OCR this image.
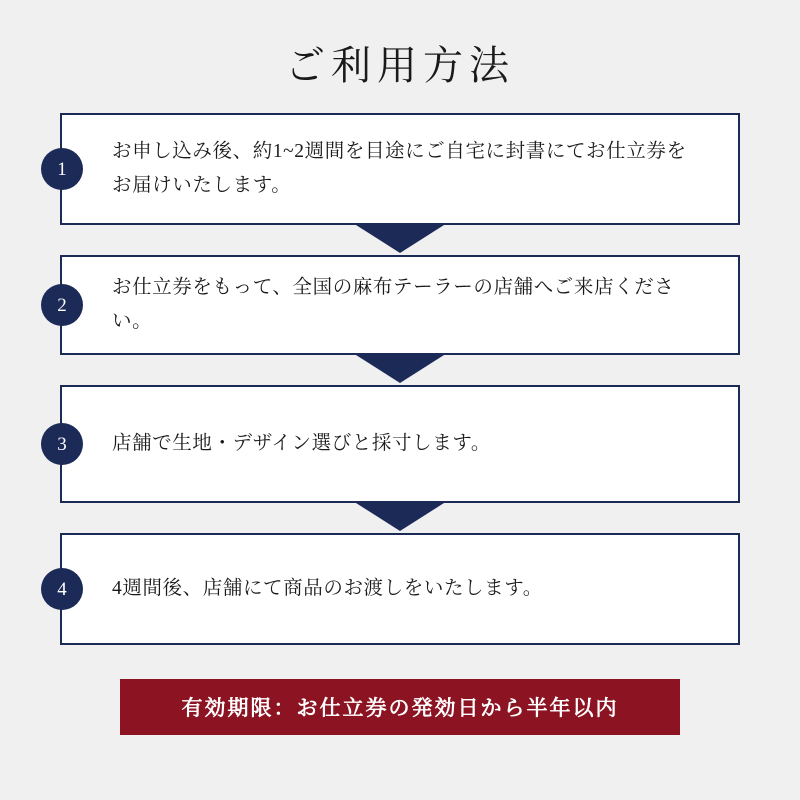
ご利用方法
1
お申し込み後、約1~2週間を目途にご自宅に封書にてお仕立券をお届けいたします。
2
お仕立券をもって、全国の麻布テーラーの店舗へご来店ください。
3	店舗で生地・デザイン選びと採寸します。
4	4週間後、店舗にて商品のお渡しをいたします。
有効期限：お仕立券の発効日から半年以内
